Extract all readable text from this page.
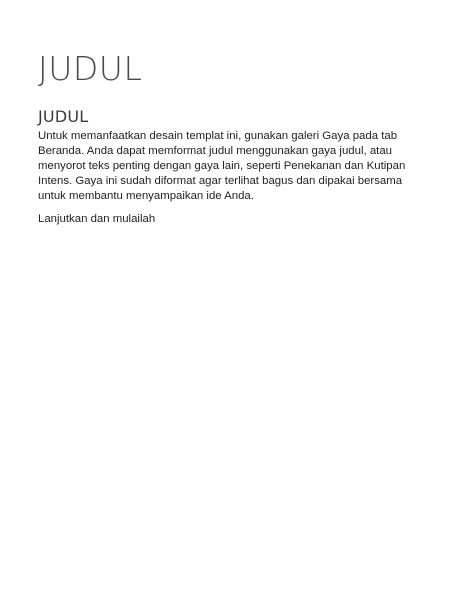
JUDUL
JUDUL

Untuk memanfaatkan desain templat ini, gunakan galeri Gaya pada tab Beranda. Anda dapat memformat judul menggunakan gaya judul, atau menyorot teks penting dengan gaya lain, seperti Penekanan dan Kutipan Intens. Gaya ini sudah diformat agar terlihat bagus dan dipakai bersama untuk membantu menyampaikan ide Anda.

Lanjutkan dan mulailah
